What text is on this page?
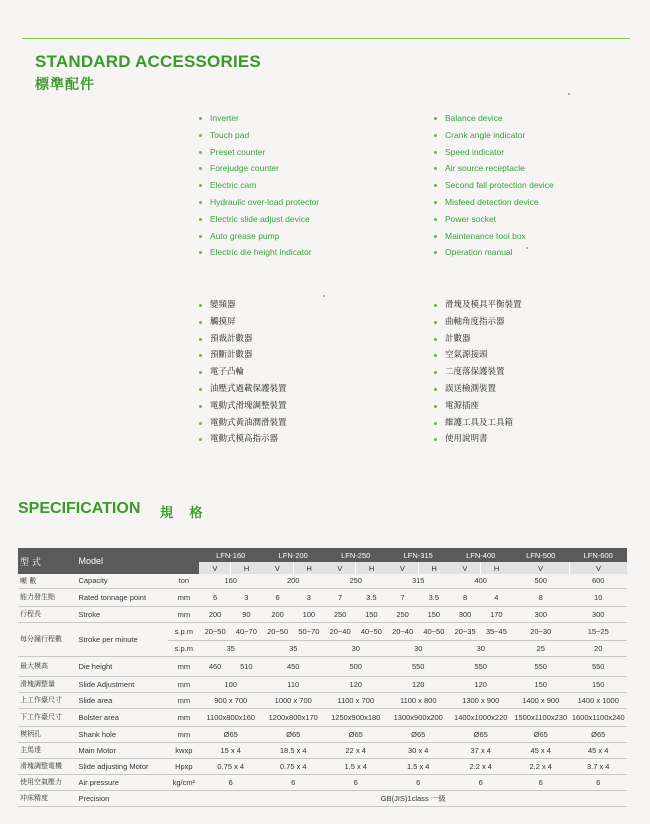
STANDARD ACCESSORIES
標準配件
Inverter
Touch pad
Preset counter
Forejudge counter
Electric cam
Hydraulic over-load protector
Electric slide adjust device
Auto grease pump
Electric die height indicator
Balance device
Crank angle indicator
Speed indicator
Air source receptacle
Second fall protection device
Misfeed detection device
Power socket
Maintenance tool box
Operation manual
變頻器
觸摸屏
預裁計數器
預斷計數器
電子凸輪
油壓式過載保護裝置
電動式滑塊調整裝置
電動式黃油潤滑裝置
電動式模高指示器
滑塊及模具平衡裝置
曲軸角度指示器
計數器
空氣源接頭
二度落保護裝置
誤送檢測裝置
電源插座
維護工具及工具箱
使用說明書
SPECIFICATION 規 格
型 式	Model		LFN-160		LFN-200		LFN-250		LFN-315		LFN-400		LFN-500	LFN-600
			V	H	V	H	V	H	V	H	V	H	V	V
噸 數	Capacity	ton	160		200		250		315		400		500	600
能力發生點	Rated tonnage point	mm	6	3	6	3	7	3.5	7	3.5	8	4	8	10
行程長	Stroke	mm	200	90	200	100	250	150	250	150	300	170	300	300
每分鐘行程數	Stroke per minute	s.p.m	20~50	40~70	20~50	50~70	20~40	40~50	20~40	40~50	20~35	35~45	20~30	15~25
		s.p.m	35		35		30		30		30		25	20
最大模高	Die height	mm	460	510	450		500		550		550		550	550
滑塊調整量	Slide Adjustment	mm	100		110		120		120		120		150	150
上工作臺尺寸	Slide area	mm	900 x 700		1000 x 700		1100 x 700		1100 x 800		1300 x 900		1400 x 900	1400 x 1000
下工作臺尺寸	Bolster area	mm	1100x800x160		1200x800x170		1250x900x180		1300x900x200		1400x1000x220		1500x1100x230	1600x1100x240
模柄孔	Shank hole	mm	Ø65		Ø65		Ø65		Ø65		Ø65		Ø65	Ø65
主馬達	Main Motor	kwxp	15 x 4		18.5 x 4		22 x 4		30 x 4		37 x 4		45 x 4	45 x 4
滑塊調整電機	Slide adjusting Motor	Hpxp	0.75 x 4		0.75 x 4		1.5 x 4		1.5 x 4		2.2 x 4		2.2 x 4	3.7 x 4
使用空氣壓力	Air pressure	kg/cm²	6		6		6		6		6		6	6
冲床精度	Precision		GB(JIS)1class 一級											
